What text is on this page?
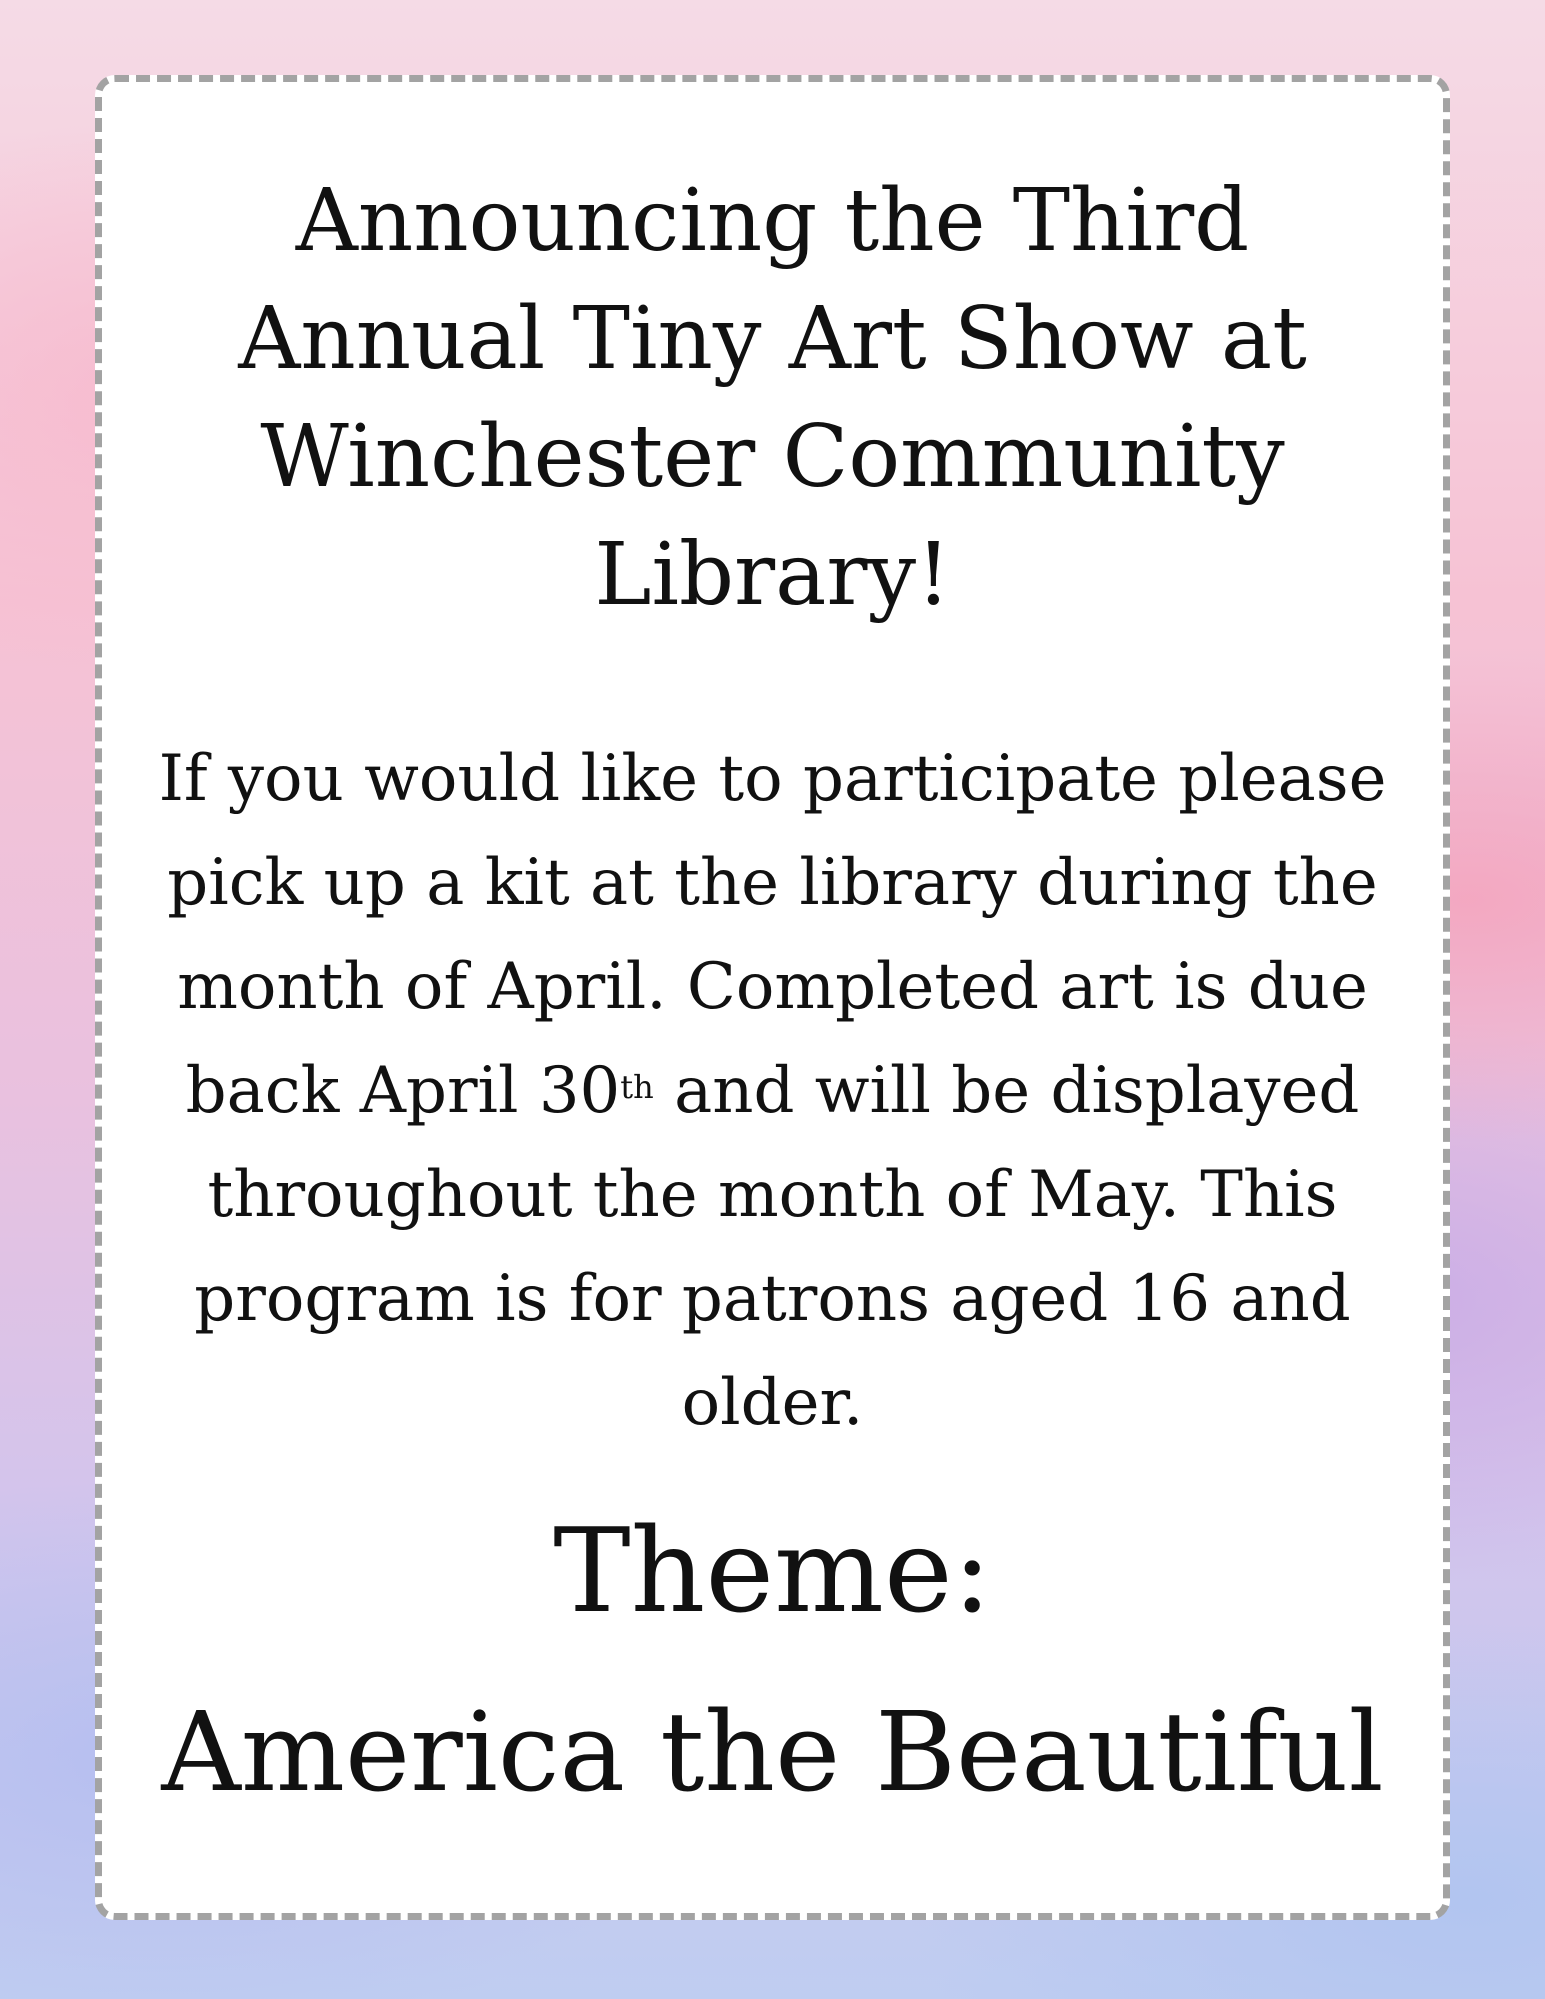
Announcing the Third Annual Tiny Art Show at Winchester Community Library!

If you would like to participate please pick up a kit at the library during the month of April. Completed art is due back April 30th and will be displayed throughout the month of May. This program is for patrons aged 16 and older.

Theme:

America the Beautiful
